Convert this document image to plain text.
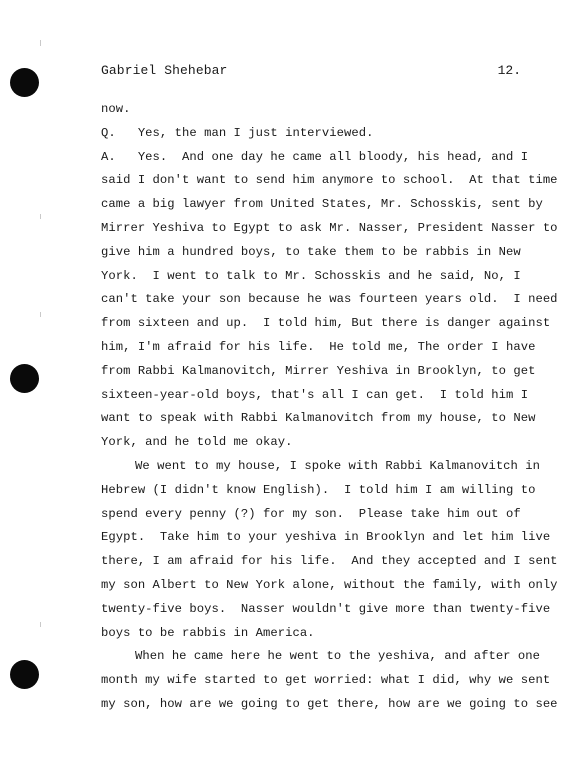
Gabriel Shehebar	12.
now.
Q.   Yes, the man I just interviewed.
A.   Yes.  And one day he came all bloody, his head, and I
said I don't want to send him anymore to school.  At that time
came a big lawyer from United States, Mr. Schosskis, sent by
Mirrer Yeshiva to Egypt to ask Mr. Nasser, President Nasser to
give him a hundred boys, to take them to be rabbis in New
York.  I went to talk to Mr. Schosskis and he said, No, I
can't take your son because he was fourteen years old.  I need
from sixteen and up.  I told him, But there is danger against
him, I'm afraid for his life.  He told me, The order I have
from Rabbi Kalmanovitch, Mirrer Yeshiva in Brooklyn, to get
sixteen-year-old boys, that's all I can get.  I told him I
want to speak with Rabbi Kalmanovitch from my house, to New
York, and he told me okay.
We went to my house, I spoke with Rabbi Kalmanovitch in
Hebrew (I didn't know English).  I told him I am willing to
spend every penny (?) for my son.  Please take him out of
Egypt.  Take him to your yeshiva in Brooklyn and let him live
there, I am afraid for his life.  And they accepted and I sent
my son Albert to New York alone, without the family, with only
twenty-five boys.  Nasser wouldn't give more than twenty-five
boys to be rabbis in America.
When he came here he went to the yeshiva, and after one
month my wife started to get worried: what I did, why we sent
my son, how are we going to get there, how are we going to see
